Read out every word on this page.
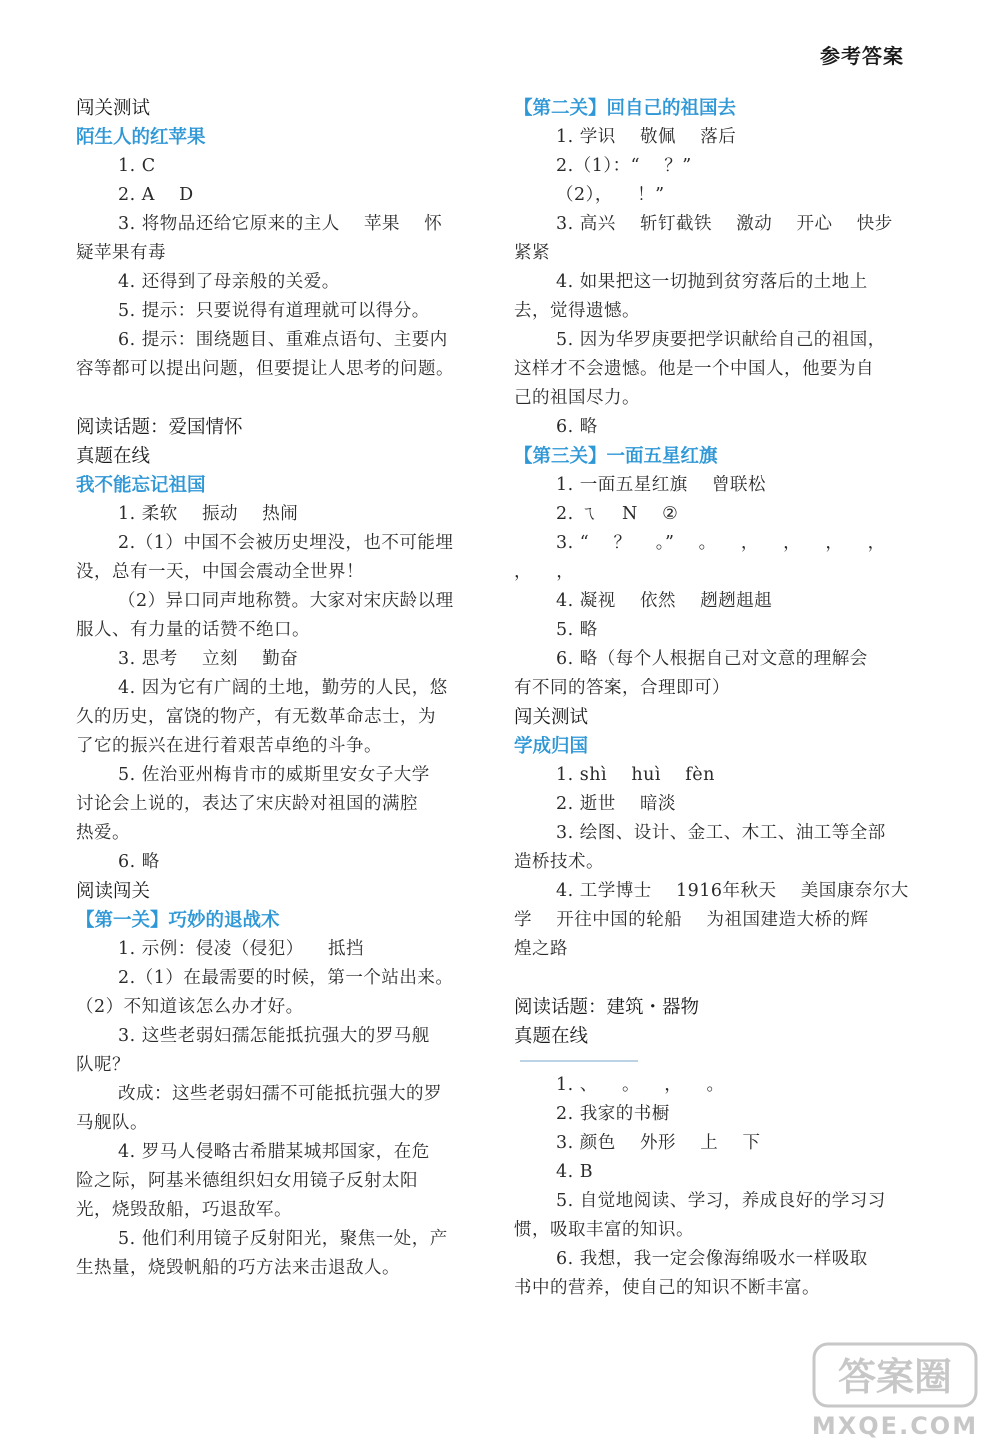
参考答案
闯关测试
陌生人的红苹果
1. C
2. A    D
3. 将物品还给它原来的主人    苹果    怀
疑苹果有毒
4. 还得到了母亲般的关爱。
5. 提示：只要说得有道理就可以得分。
6. 提示：围绕题目、重难点语句、主要内
容等都可以提出问题，但要提让人思考的问题。
阅读话题：爱国情怀
真题在线
我不能忘记祖国
1. 柔软    振动    热闹
2.（1）中国不会被历史埋没，也不可能埋
没，总有一天，中国会震动全世界！
（2）异口同声地称赞。大家对宋庆龄以理
服人、有力量的话赞不绝口。
3. 思考    立刻    勤奋
4. 因为它有广阔的土地，勤劳的人民，悠
久的历史，富饶的物产，有无数革命志士，为
了它的振兴在进行着艰苦卓绝的斗争。
5. 佐治亚州梅肯市的威斯里安女子大学
讨论会上说的，表达了宋庆龄对祖国的满腔
热爱。
6. 略
阅读闯关
【第一关】巧妙的退战术
1. 示例：侵凌（侵犯）    抵挡
2.（1）在最需要的时候，第一个站出来。
（2）不知道该怎么办才好。
3. 这些老弱妇孺怎能抵抗强大的罗马舰
队呢？
改成：这些老弱妇孺不可能抵抗强大的罗
马舰队。
4. 罗马人侵略古希腊某城邦国家，在危
险之际，阿基米德组织妇女用镜子反射太阳
光，烧毁敌船，巧退敌军。
5. 他们利用镜子反射阳光，聚焦一处，产
生热量，烧毁帆船的巧方法来击退敌人。
【第二关】回自己的祖国去
1. 学识    敬佩    落后
2.（1）：“    ？”
（2），    ！”
3. 高兴    斩钉截铁    激动    开心    快步
紧紧
4. 如果把这一切抛到贫穷落后的土地上
去，觉得遗憾。
5. 因为华罗庚要把学识献给自己的祖国，
这样才不会遗憾。他是一个中国人，他要为自
己的祖国尽力。
6. 略
【第三关】一面五星红旗
1. 一面五星红旗    曾联松
2. ㄟ    N    ②
3. “    ？    。”    。    ，    ，    ，    ，
，    ，
4. 凝视    依然    趔趔趄趄
5. 略
6. 略（每个人根据自己对文意的理解会
有不同的答案，合理即可）
闯关测试
学成归国
1. shì    huì    fèn
2. 逝世    暗淡
3. 绘图、设计、金工、木工、油工等全部
造桥技术。
4. 工学博士    1916年秋天    美国康奈尔大
学    开往中国的轮船    为祖国建造大桥的辉
煌之路
阅读话题：建筑・器物
真题在线
1. 、    。    ，    。
2. 我家的书橱
3. 颜色    外形    上    下
4. B
5. 自觉地阅读、学习，养成良好的学习习
惯，吸取丰富的知识。
6. 我想，我一定会像海绵吸水一样吸取
书中的营养，使自己的知识不断丰富。
答案圈
MXQE.COM
